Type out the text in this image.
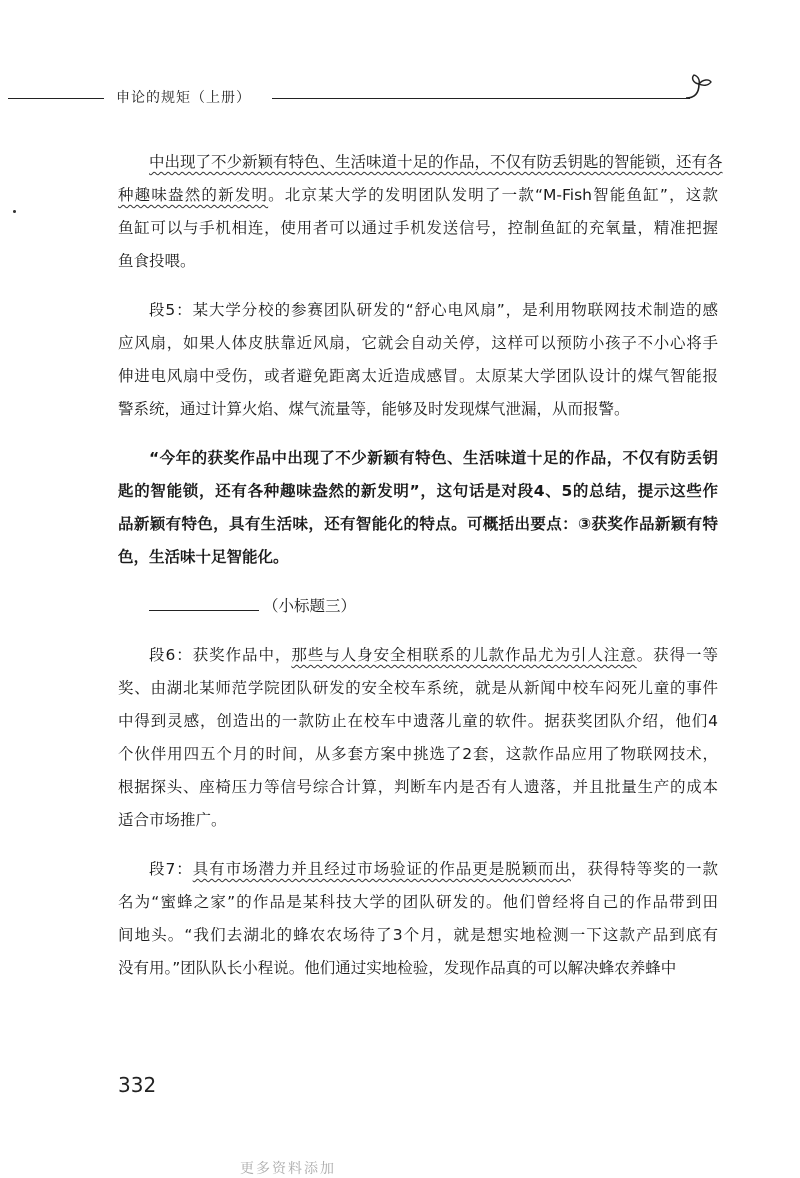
申论的规矩（上册）
中出现了不少新颖有特色、生活味道十足的作品，不仅有防丢钥匙的智能锁，还有各
种趣味盎然的新发明。北京某大学的发明团队发明了一款“M-Fish智能鱼缸”，这款
鱼缸可以与手机相连，使用者可以通过手机发送信号，控制鱼缸的充氧量，精准把握
鱼食投喂。
段5：某大学分校的参赛团队研发的“舒心电风扇”，是利用物联网技术制造的感
应风扇，如果人体皮肤靠近风扇，它就会自动关停，这样可以预防小孩子不小心将手
伸进电风扇中受伤，或者避免距离太近造成感冒。太原某大学团队设计的煤气智能报
警系统，通过计算火焰、煤气流量等，能够及时发现煤气泄漏，从而报警。
“今年的获奖作品中出现了不少新颖有特色、生活味道十足的作品，不仅有防丢钥
匙的智能锁，还有各种趣味盎然的新发明”，这句话是对段4、5的总结，提示这些作
品新颖有特色，具有生活味，还有智能化的特点。可概括出要点：③获奖作品新颖有特
色，生活味十足智能化。
（小标题三）
段6：获奖作品中，那些与人身安全相联系的儿款作品尤为引人注意。获得一等
奖、由湖北某师范学院团队研发的安全校车系统，就是从新闻中校车闷死儿童的事件
中得到灵感，创造出的一款防止在校车中遗落儿童的软件。据获奖团队介绍，他们4
个伙伴用四五个月的时间，从多套方案中挑选了2套，这款作品应用了物联网技术，
根据探头、座椅压力等信号综合计算，判断车内是否有人遗落，并且批量生产的成本
适合市场推广。
段7：具有市场潜力并且经过市场验证的作品更是脱颖而出，获得特等奖的一款
名为“蜜蜂之家”的作品是某科技大学的团队研发的。他们曾经将自己的作品带到田
间地头。“我们去湖北的蜂农农场待了3个月，就是想实地检测一下这款产品到底有
没有用。”团队队长小程说。他们通过实地检验，发现作品真的可以解决蜂农养蜂中
332
更多资料添加
